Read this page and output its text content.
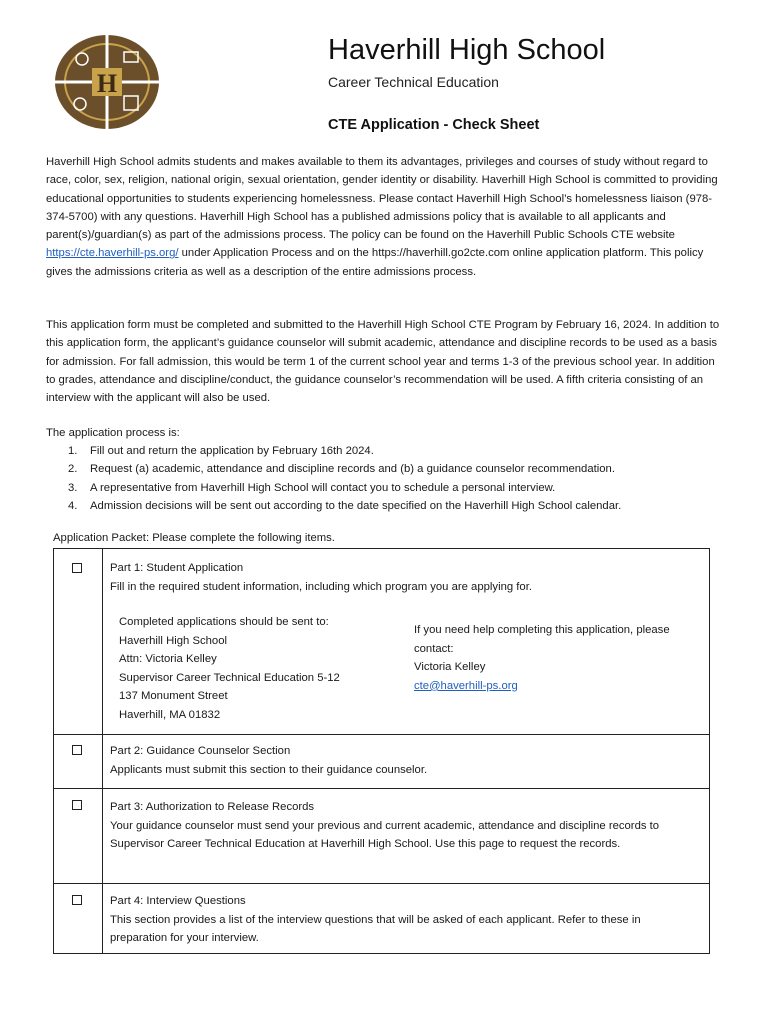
H
Haverhill High School
Career Technical Education
CTE Application - Check Sheet

Haverhill High School admits students and makes available to them its advantages, privileges and courses of study without regard to race, color, sex, religion, national origin, sexual orientation, gender identity or disability. Haverhill High School is committed to providing educational opportunities to students experiencing homelessness. Please contact Haverhill High School’s homelessness liaison (978-374-5700) with any questions. Haverhill High School has a published admissions policy that is available to all applicants and parent(s)/guardian(s) as part of the admissions process. The policy can be found on the Haverhill Public Schools CTE website https://cte.haverhill-ps.org/ under Application Process and on the https://haverhill.go2cte.com online application platform. This policy gives the admissions criteria as well as a description of the entire admissions process.

This application form must be completed and submitted to the Haverhill High School CTE Program by February 16, 2024. In addition to this application form, the applicant’s guidance counselor will submit academic, attendance and discipline records to be used as a basis for admission. For fall admission, this would be term 1 of the current school year and terms 1-3 of the previous school year. In addition to grades, attendance and discipline/conduct, the guidance counselor’s recommendation will be used. A fifth criteria consisting of an interview with the applicant will also be used.

The application process is:
1. Fill out and return the application by February 16th 2024.
2. Request (a) academic, attendance and discipline records and (b) a guidance counselor recommendation.
3. A representative from Haverhill High School will contact you to schedule a personal interview.
4. Admission decisions will be sent out according to the date specified on the Haverhill High School calendar.
Application Packet: Please complete the following items.
Part 1: Student Application
Fill in the required student information, including which program you are applying for.
Completed applications should be sent to:
Haverhill High School
Attn: Victoria Kelley
Supervisor Career Technical Education 5-12
137 Monument Street
Haverhill, MA 01832
If you need help completing this application, please contact:
Victoria Kelley
cte@haverhill-ps.org
Part 2: Guidance Counselor Section
Applicants must submit this section to their guidance counselor.
Part 3: Authorization to Release Records
Your guidance counselor must send your previous and current academic, attendance and discipline records to Supervisor Career Technical Education at Haverhill High School. Use this page to request the records.
Part 4: Interview Questions
This section provides a list of the interview questions that will be asked of each applicant. Refer to these in preparation for your interview.
